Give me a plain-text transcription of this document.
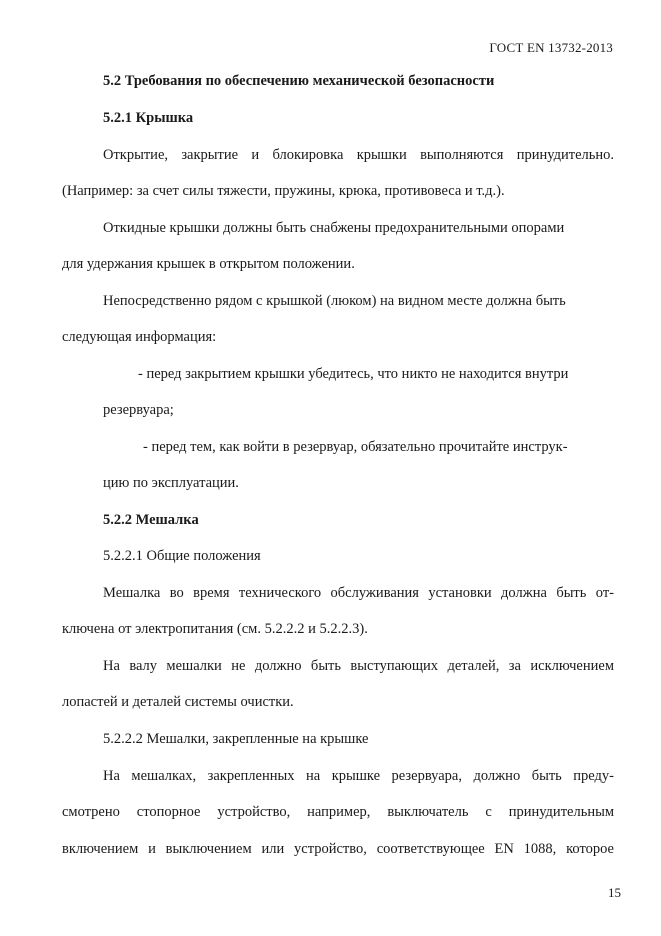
ГОСТ EN 13732-2013
5.2 Требования по обеспечению механической безопасности
5.2.1 Крышка
Открытие, закрытие и блокировка крышки выполняются принудительно.
(Например: за счет силы тяжести, пружины, крюка, противовеса и т.д.).
Откидные крышки должны быть снабжены предохранительными опорами
для удержания крышек в открытом положении.
Непосредственно рядом с крышкой (люком) на видном месте должна быть
следующая информация:
- перед закрытием крышки убедитесь, что никто не находится внутри
резервуара;
- перед тем, как войти в резервуар, обязательно прочитайте инструк-
цию по эксплуатации.
5.2.2 Мешалка
5.2.2.1 Общие положения
Мешалка во время технического обслуживания установки должна быть от-
ключена от электропитания (см. 5.2.2.2 и 5.2.2.3).
На валу мешалки не должно быть выступающих деталей, за исключением
лопастей и деталей системы очистки.
5.2.2.2 Мешалки, закрепленные на крышке
На мешалках, закрепленных на крышке резервуара, должно быть преду-
смотрено стопорное устройство, например, выключатель с принудительным
включением и выключением или устройство, соответствующее EN 1088, которое
15
